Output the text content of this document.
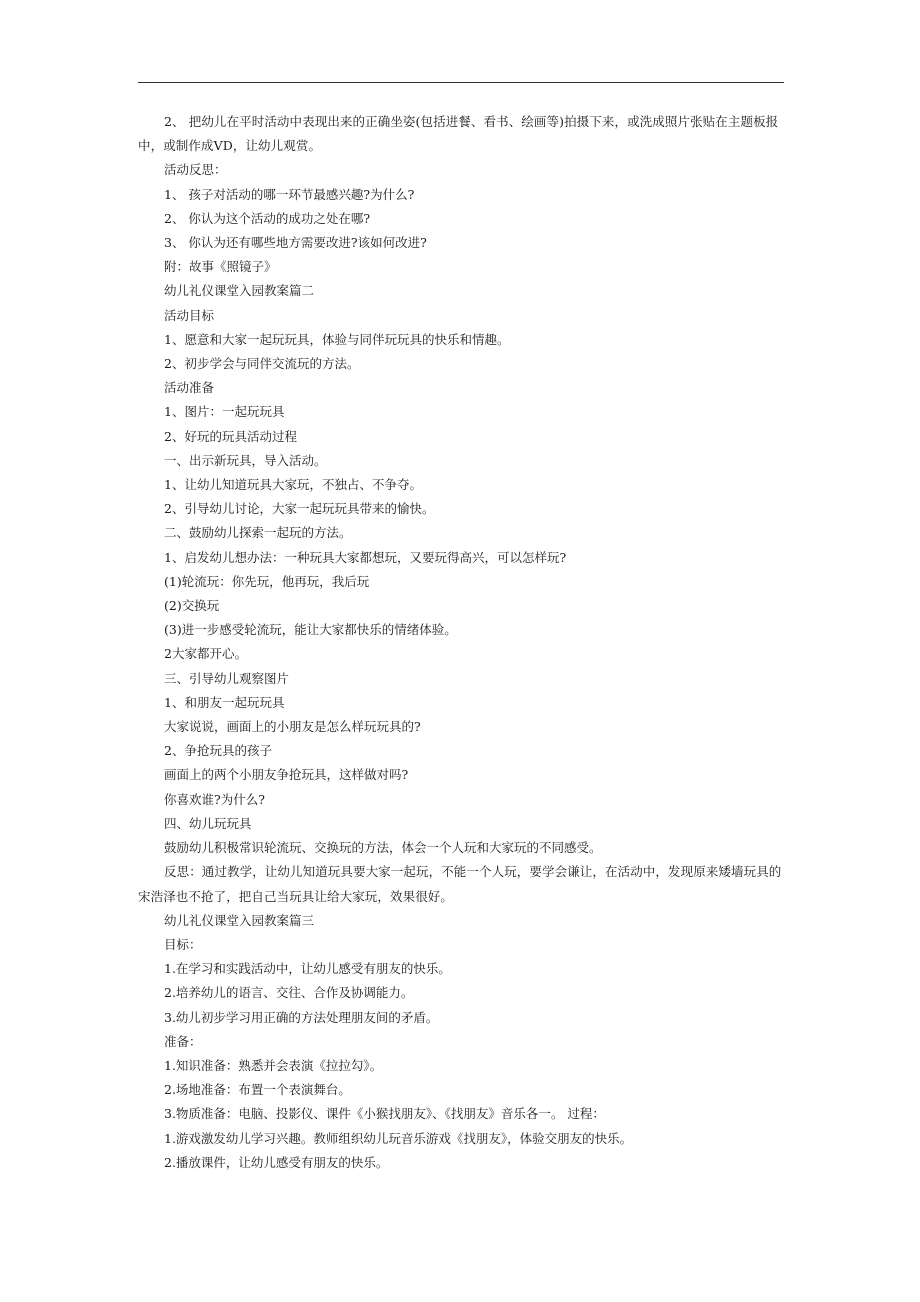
2、 把幼儿在平时活动中表现出来的正确坐姿(包括进餐、看书、绘画等)拍摄下来，或洗成照片张贴在主题板报中，或制作成VD，让幼儿观赏。

活动反思：

1、 孩子对活动的哪一环节最感兴趣?为什么?

2、 你认为这个活动的成功之处在哪?

3、 你认为还有哪些地方需要改进?该如何改进?

附：故事《照镜子》

幼儿礼仪课堂入园教案篇二

活动目标

1、愿意和大家一起玩玩具，体验与同伴玩玩具的快乐和情趣。

2、初步学会与同伴交流玩的方法。

活动准备

1、图片：一起玩玩具

2、好玩的玩具活动过程

一、出示新玩具，导入活动。

1、让幼儿知道玩具大家玩，不独占、不争夺。

2、引导幼儿讨论，大家一起玩玩具带来的愉快。

二、鼓励幼儿探索一起玩的方法。

1、启发幼儿想办法：一种玩具大家都想玩，又要玩得高兴，可以怎样玩?

(1)轮流玩：你先玩，他再玩，我后玩

(2)交换玩

(3)进一步感受轮流玩，能让大家都快乐的情绪体验。

2大家都开心。

三、引导幼儿观察图片

1、和朋友一起玩玩具

大家说说，画面上的小朋友是怎么样玩玩具的?

2、争抢玩具的孩子

画面上的两个小朋友争抢玩具，这样做对吗?

你喜欢谁?为什么?

四、幼儿玩玩具

鼓励幼儿积极常识轮流玩、交换玩的方法，体会一个人玩和大家玩的不同感受。

反思：通过教学，让幼儿知道玩具要大家一起玩，不能一个人玩，要学会谦让，在活动中，发现原来矮墙玩具的宋浩泽也不抢了，把自己当玩具让给大家玩，效果很好。

幼儿礼仪课堂入园教案篇三

目标：

1.在学习和实践活动中，让幼儿感受有朋友的快乐。

2.培养幼儿的语言、交往、合作及协调能力。

3.幼儿初步学习用正确的方法处理朋友间的矛盾。

准备：

1.知识准备：熟悉并会表演《拉拉勾》。

2.场地准备：布置一个表演舞台。

3.物质准备：电脑、投影仪、课件《小猴找朋友》、《找朋友》音乐各一。 过程：

1.游戏激发幼儿学习兴趣。教师组织幼儿玩音乐游戏《找朋友》，体验交朋友的快乐。

2.播放课件，让幼儿感受有朋友的快乐。
